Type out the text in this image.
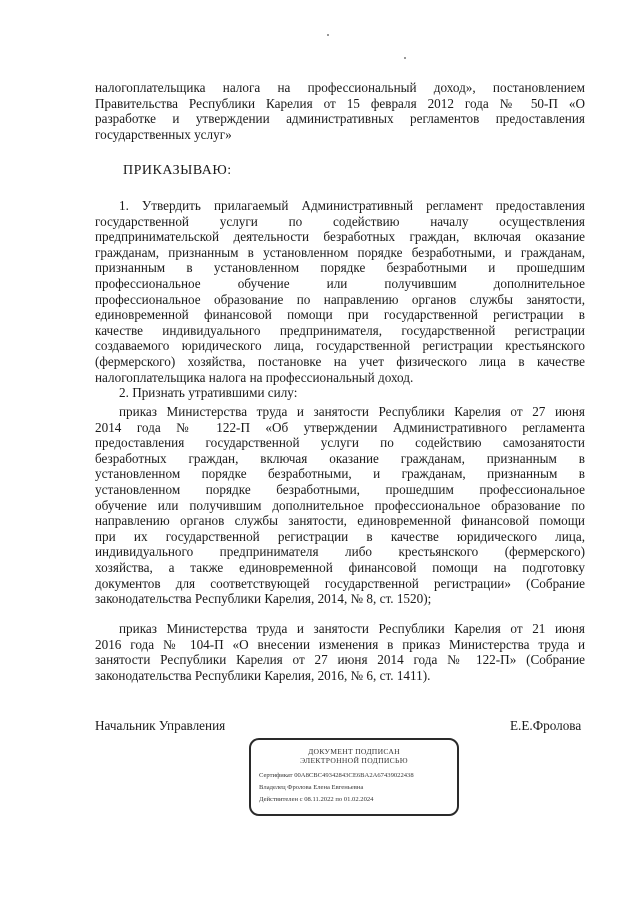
налогоплательщика налога на профессиональный доход», постановлением
Правительства Республики Карелия от 15 февраля 2012 года № 50-П «О
разработке и утверждении административных регламентов предоставления
государственных услуг»
ПРИКАЗЫВАЮ:
1. Утвердить прилагаемый Административный регламент предоставления
государственной услуги по содействию началу осуществления
предпринимательской деятельности безработных граждан, включая оказание
гражданам, признанным в установленном порядке безработными, и гражданам,
признанным в установленном порядке безработными и прошедшим
профессиональное обучение или получившим дополнительное
профессиональное образование по направлению органов службы занятости,
единовременной финансовой помощи при государственной регистрации в
качестве индивидуального предпринимателя, государственной регистрации
создаваемого юридического лица, государственной регистрации крестьянского
(фермерского) хозяйства, постановке на учет физического лица в качестве
налогоплательщика налога на профессиональный доход.
2. Признать утратившими силу:
приказ Министерства труда и занятости Республики Карелия от 27 июня
2014 года № 122-П «Об утверждении Административного регламента
предоставления государственной услуги по содействию самозанятости
безработных граждан, включая оказание гражданам, признанным в
установленном порядке безработными, и гражданам, признанным в
установленном порядке безработными, прошедшим профессиональное
обучение или получившим дополнительное профессиональное образование по
направлению органов службы занятости, единовременной финансовой помощи
при их государственной регистрации в качестве юридического лица,
индивидуального предпринимателя либо крестьянского (фермерского)
хозяйства, а также единовременной финансовой помощи на подготовку
документов для соответствующей государственной регистрации» (Собрание
законодательства Республики Карелия, 2014, № 8, ст. 1520);
приказ Министерства труда и занятости Республики Карелия от 21 июня
2016 года № 104-П «О внесении изменения в приказ Министерства труда и
занятости Республики Карелия от 27 июня 2014 года № 122-П» (Собрание
законодательства Республики Карелия, 2016, № 6, ст. 1411).
Начальник Управления	Е.Е.Фролова
ДОКУМЕНТ ПОДПИСАН
ЭЛЕКТРОННОЙ ПОДПИСЬЮ
Сертификат 00A8CBC49342843CE6BA2A67439022438
Владелец Фролова Елена Евгеньевна
Действителен с 08.11.2022 по 01.02.2024
